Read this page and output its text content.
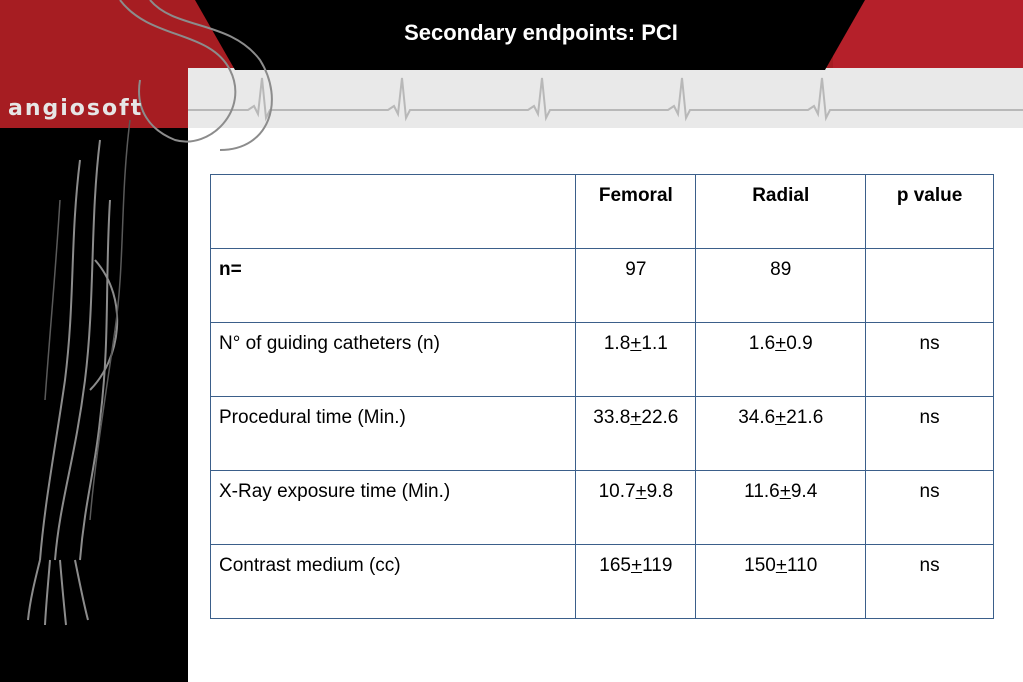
angiosoft
Secondary endpoints: PCI
	Femoral	Radial	p value
n=	97	89	
N° of guiding catheters (n)	1.8+1.1	1.6+0.9	ns
Procedural time (Min.)	33.8+22.6	34.6+21.6	ns
X-Ray exposure time (Min.)	10.7+9.8	11.6+9.4	ns
Contrast medium (cc)	165+119	150+110	ns
